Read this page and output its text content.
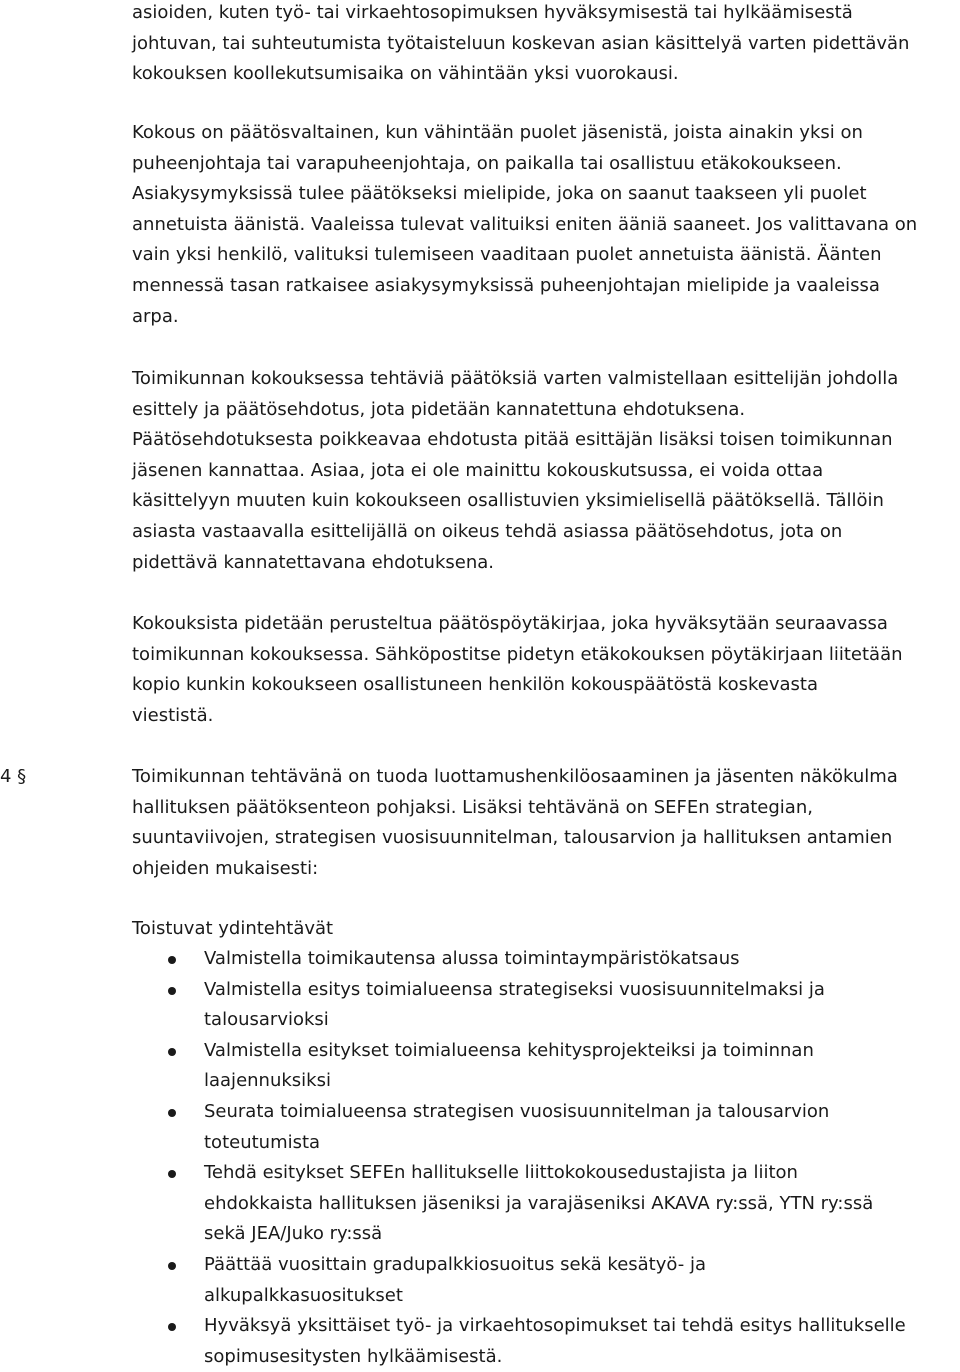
asioiden, kuten työ- tai virkaehtosopimuksen hyväksymisestä tai hylkäämisestä
johtuvan, tai suhteutumista työtaisteluun koskevan asian käsittelyä varten pidettävän
kokouksen koollekutsumisaika on vähintään yksi vuorokausi.
Kokous on päätösvaltainen, kun vähintään puolet jäsenistä, joista ainakin yksi on
puheenjohtaja tai varapuheenjohtaja, on paikalla tai osallistuu etäkokoukseen.
Asiakysymyksissä tulee päätökseksi mielipide, joka on saanut taakseen yli puolet
annetuista äänistä. Vaaleissa tulevat valituiksi eniten ääniä saaneet. Jos valittavana on
vain yksi henkilö, valituksi tulemiseen vaaditaan puolet annetuista äänistä. Äänten
mennessä tasan ratkaisee asiakysymyksissä puheenjohtajan mielipide ja vaaleissa
arpa.
Toimikunnan kokouksessa tehtäviä päätöksiä varten valmistellaan esittelijän johdolla
esittely ja päätösehdotus, jota pidetään kannatettuna ehdotuksena.
Päätösehdotuksesta poikkeavaa ehdotusta pitää esittäjän lisäksi toisen toimikunnan
jäsenen kannattaa. Asiaa, jota ei ole mainittu kokouskutsussa, ei voida ottaa
käsittelyyn muuten kuin kokoukseen osallistuvien yksimielisellä päätöksellä. Tällöin
asiasta vastaavalla esittelijällä on oikeus tehdä asiassa päätösehdotus, jota on
pidettävä kannatettavana ehdotuksena.
Kokouksista pidetään perusteltua päätöspöytäkirjaa, joka hyväksytään seuraavassa
toimikunnan kokouksessa. Sähköpostitse pidetyn etäkokouksen pöytäkirjaan liitetään
kopio kunkin kokoukseen osallistuneen henkilön kokouspäätöstä koskevasta
viestistä.
4 §	Toimikunnan tehtävänä on tuoda luottamushenkilöosaaminen ja jäsenten näkökulma
hallituksen päätöksenteon pohjaksi. Lisäksi tehtävänä on SEFEn strategian,
suuntaviivojen, strategisen vuosisuunnitelman, talousarvion ja hallituksen antamien
ohjeiden mukaisesti:
Toistuvat ydintehtävät
Valmistella toimikautensa alussa toimintaympäristökatsaus
Valmistella esitys toimialueensa strategiseksi vuosisuunnitelmaksi ja
talousarvioksi
Valmistella esitykset toimialueensa kehitysprojekteiksi ja toiminnan
laajennuksiksi
Seurata toimialueensa strategisen vuosisuunnitelman ja talousarvion
toteutumista
Tehdä esitykset SEFEn hallitukselle liittokokousedustajista ja liiton
ehdokkaista hallituksen jäseniksi ja varajäseniksi AKAVA ry:ssä, YTN ry:ssä
sekä JEA/Juko ry:ssä
Päättää vuosittain gradupalkkiosuoitus sekä kesätyö- ja
alkupalkkasuositukset
Hyväksyä yksittäiset työ- ja virkaehtosopimukset tai tehdä esitys hallitukselle
sopimusesitysten hylkäämisestä.
